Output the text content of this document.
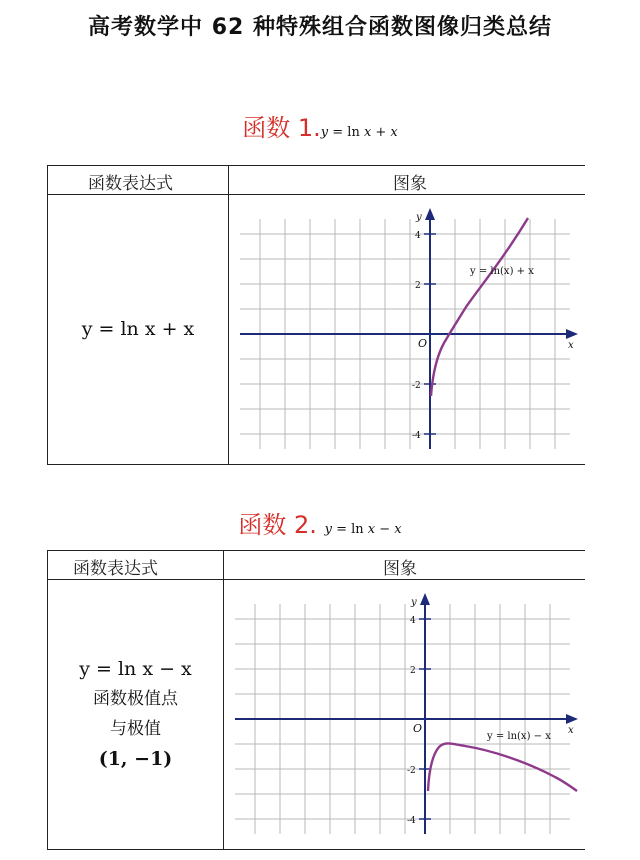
高考数学中 62 种特殊组合函数图像归类总结
函数 1.y = ln x + x
函数表达式	图象
y = ln x + x
y
x
O
4
2
-2
-4
y = ln(x) + x
函数 2. y = ln x − x
函数表达式	图象
y = ln x − x
函数极值点
与极值
(1, −1)
y
x
O
4
2
-2
-4
y = ln(x) − x
